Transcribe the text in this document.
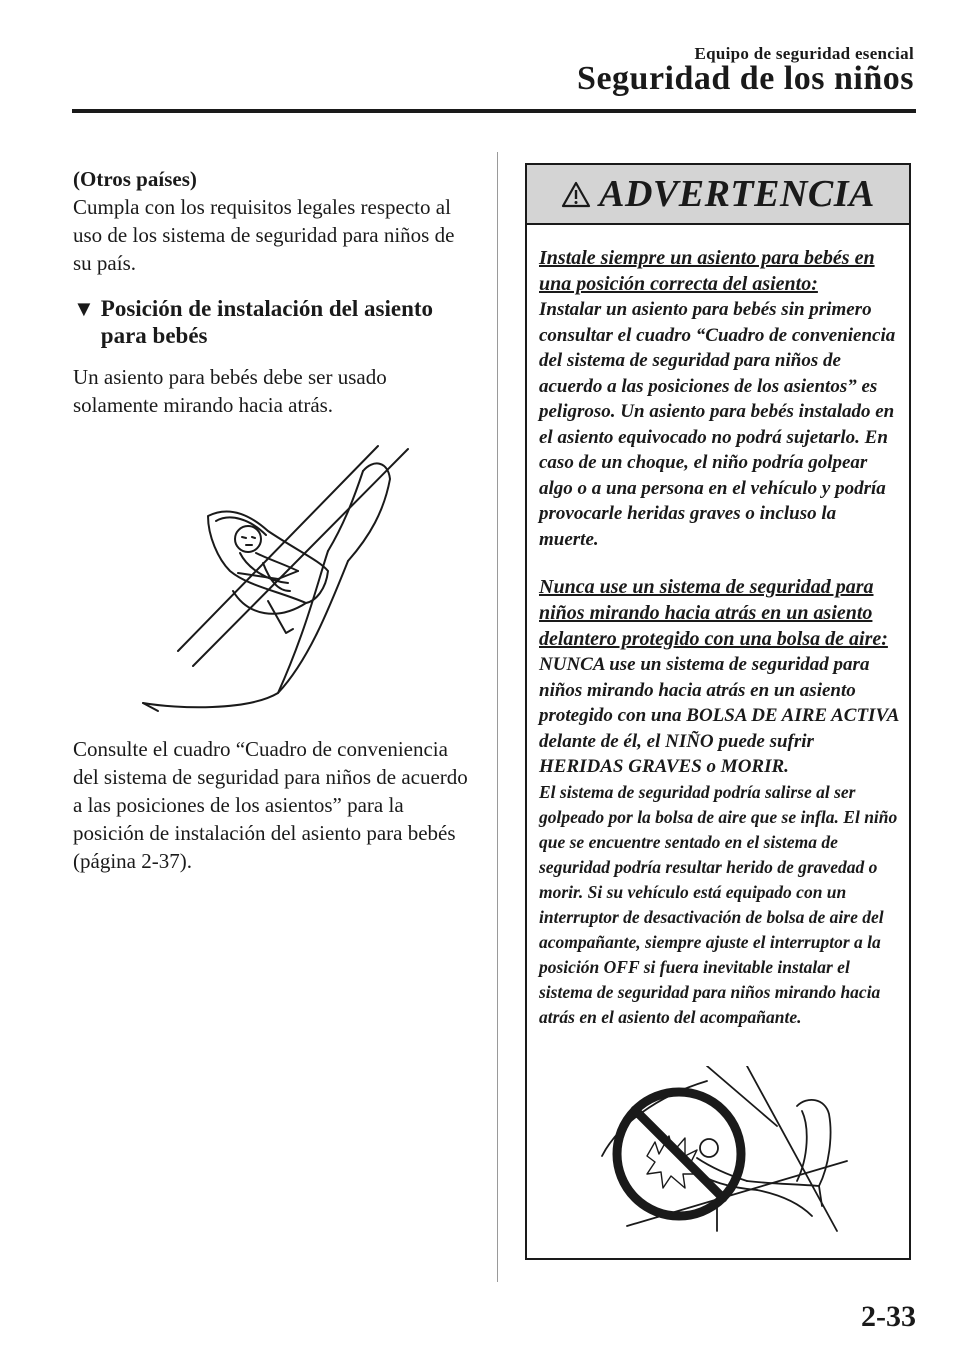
Equipo de seguridad esencial
Seguridad de los niños

(Otros países)

Cumpla con los requisitos legales respecto al uso de los sistema de seguridad para niños de su país.

▼ Posición de instalación del asiento para bebés

Un asiento para bebés debe ser usado solamente mirando hacia atrás.

Consulte el cuadro “Cuadro de conveniencia del sistema de seguridad para niños de acuerdo a las posiciones de los asientos” para la posición de instalación del asiento para bebés (página 2-37).

ADVERTENCIA

Instale siempre un asiento para bebés en una posición correcta del asiento:

Instalar un asiento para bebés sin primero consultar el cuadro “Cuadro de conveniencia del sistema de seguridad para niños de acuerdo a las posiciones de los asientos” es peligroso. Un asiento para bebés instalado en el asiento equivocado no podrá sujetarlo. En caso de un choque, el niño podría golpear algo o a una persona en el vehículo y podría provocarle heridas graves o incluso la muerte.

Nunca use un sistema de seguridad para niños mirando hacia atrás en un asiento delantero protegido con una bolsa de aire:

NUNCA use un sistema de seguridad para niños mirando hacia atrás en un asiento protegido con una BOLSA DE AIRE ACTIVA delante de él, el NIÑO puede sufrir HERIDAS GRAVES o MORIR.

El sistema de seguridad podría salirse al ser golpeado por la bolsa de aire que se infla. El niño que se encuentre sentado en el sistema de seguridad podría resultar herido de gravedad o morir. Si su vehículo está equipado con un interruptor de desactivación de bolsa de aire del acompañante, siempre ajuste el interruptor a la posición OFF si fuera inevitable instalar el sistema de seguridad para niños mirando hacia atrás en el asiento del acompañante.

2-33
